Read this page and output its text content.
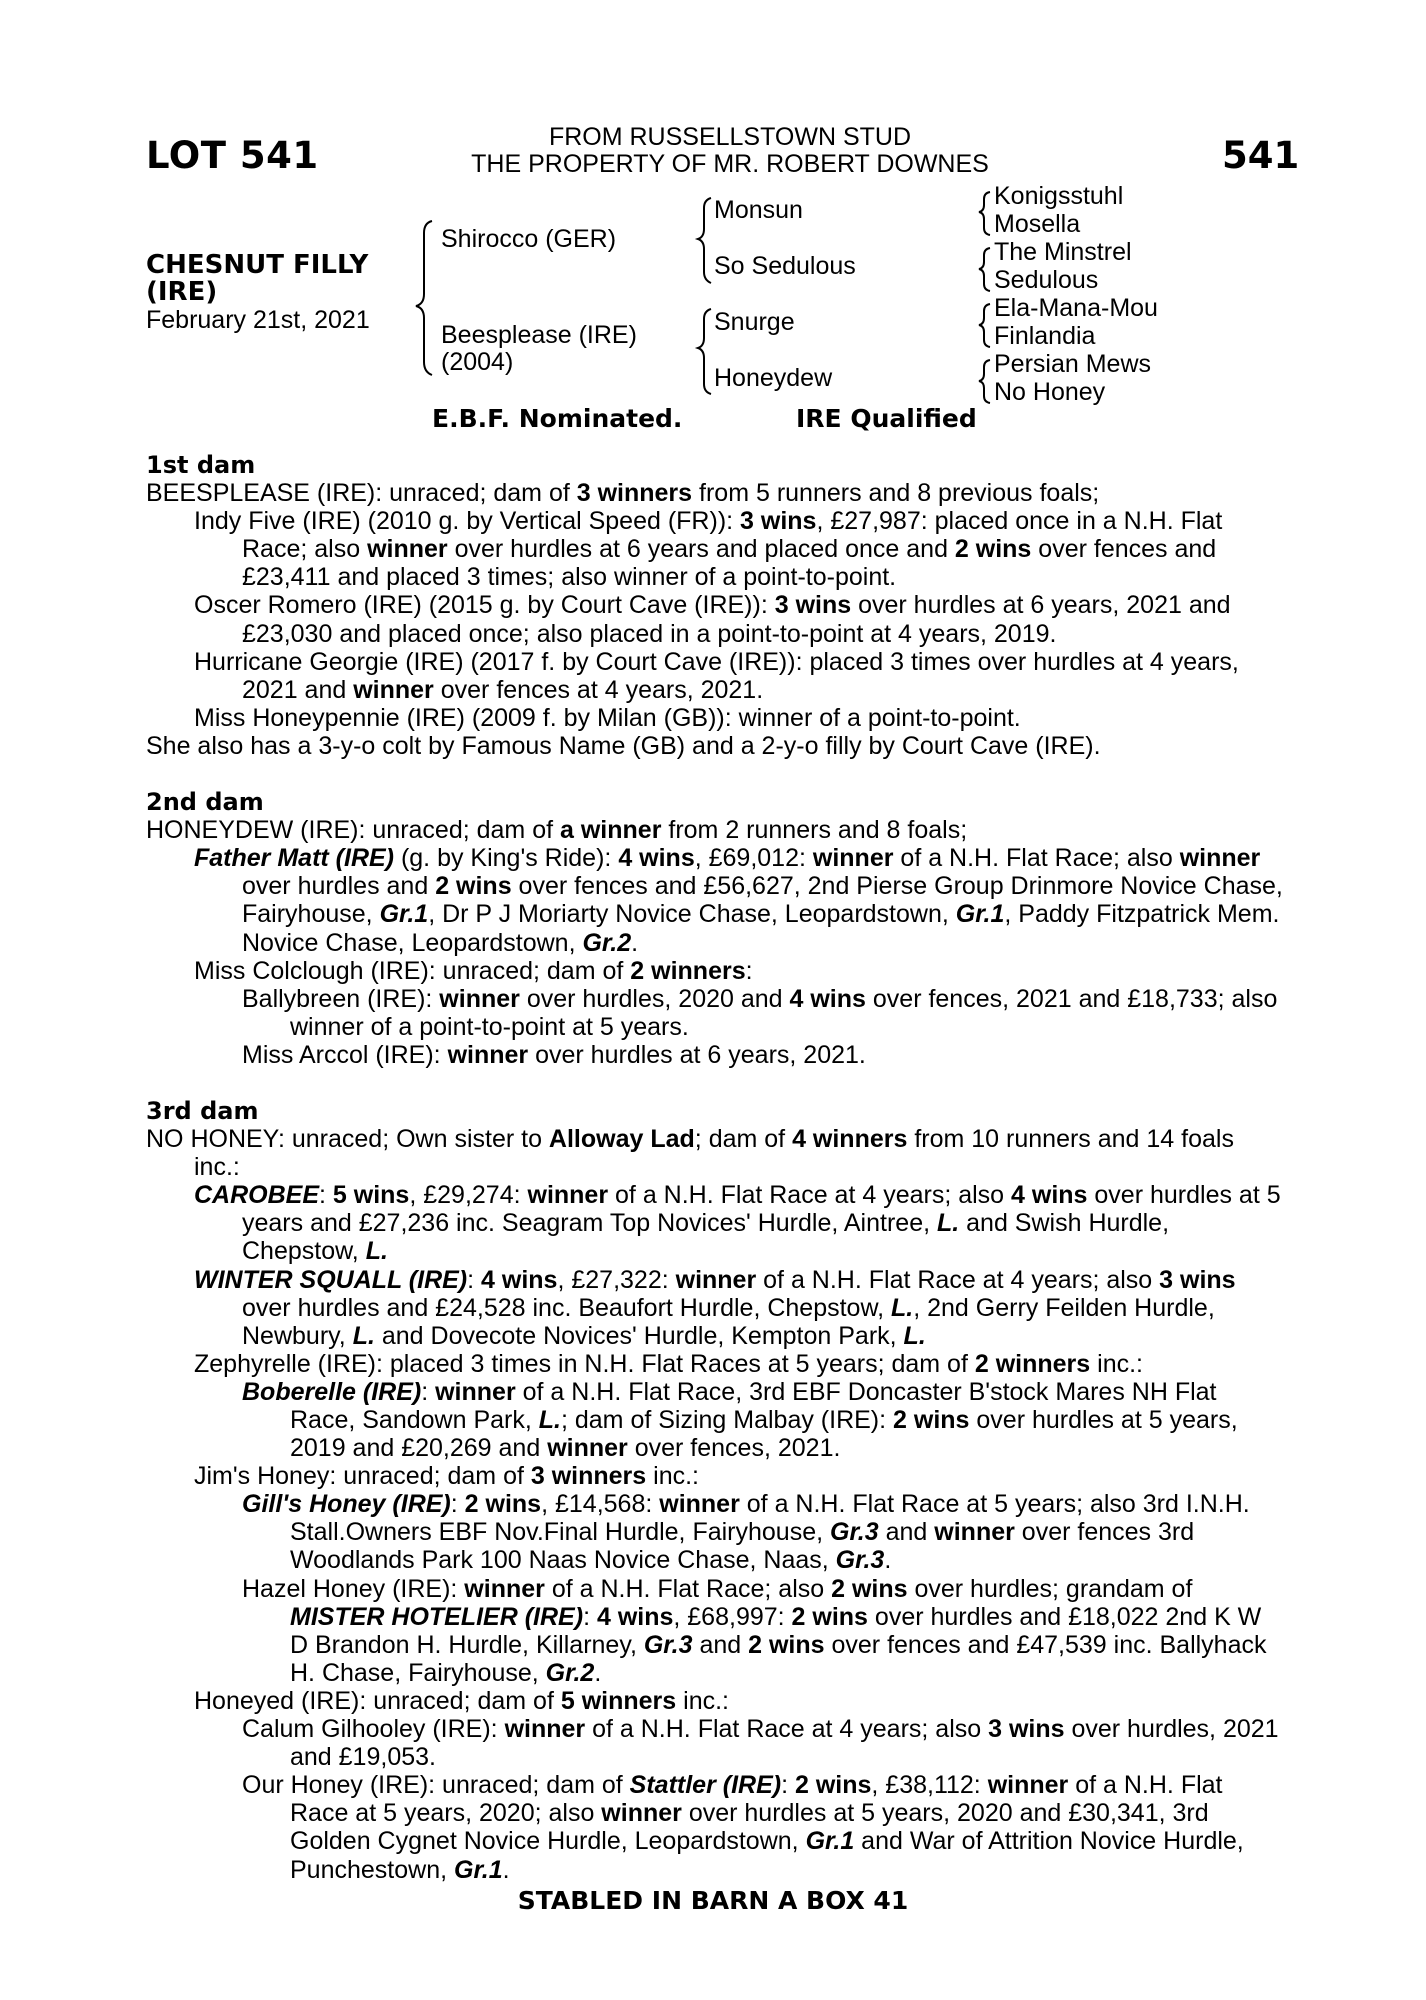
LOT 541	FROM RUSSELLSTOWN STUD
THE PROPERTY OF MR. ROBERT DOWNES	541
CHESNUT FILLY (IRE)
February 21st, 2021
Shirocco (GER)
Beesplease (IRE)
(2004)
Monsun
So Sedulous
Snurge
Honeydew
Konigsstuhl
Mosella
The Minstrel
Sedulous
Ela-Mana-Mou
Finlandia
Persian Mews
No Honey
E.B.F. Nominated.	IRE Qualified

1st dam

BEESPLEASE (IRE): unraced; dam of 3 winners from 5 runners and 8 previous foals;

Indy Five (IRE) (2010 g. by Vertical Speed (FR)): 3 wins, £27,987: placed once in a N.H. Flat Race; also winner over hurdles at 6 years and placed once and 2 wins over fences and £23,411 and placed 3 times; also winner of a point-to-point.

Oscer Romero (IRE) (2015 g. by Court Cave (IRE)): 3 wins over hurdles at 6 years, 2021 and £23,030 and placed once; also placed in a point-to-point at 4 years, 2019.

Hurricane Georgie (IRE) (2017 f. by Court Cave (IRE)): placed 3 times over hurdles at 4 years, 2021 and winner over fences at 4 years, 2021.

Miss Honeypennie (IRE) (2009 f. by Milan (GB)): winner of a point-to-point.

She also has a 3-y-o colt by Famous Name (GB) and a 2-y-o filly by Court Cave (IRE).

2nd dam

HONEYDEW (IRE): unraced; dam of a winner from 2 runners and 8 foals;

Father Matt (IRE) (g. by King's Ride): 4 wins, £69,012: winner of a N.H. Flat Race; also winner over hurdles and 2 wins over fences and £56,627, 2nd Pierse Group Drinmore Novice Chase, Fairyhouse, Gr.1, Dr P J Moriarty Novice Chase, Leopardstown, Gr.1, Paddy Fitzpatrick Mem. Novice Chase, Leopardstown, Gr.2.

Miss Colclough (IRE): unraced; dam of 2 winners:

Ballybreen (IRE): winner over hurdles, 2020 and 4 wins over fences, 2021 and £18,733; also winner of a point-to-point at 5 years.

Miss Arccol (IRE): winner over hurdles at 6 years, 2021.

3rd dam

NO HONEY: unraced; Own sister to Alloway Lad; dam of 4 winners from 10 runners and 14 foals inc.:

CAROBEE: 5 wins, £29,274: winner of a N.H. Flat Race at 4 years; also 4 wins over hurdles at 5 years and £27,236 inc. Seagram Top Novices' Hurdle, Aintree, L. and Swish Hurdle, Chepstow, L.

WINTER SQUALL (IRE): 4 wins, £27,322: winner of a N.H. Flat Race at 4 years; also 3 wins over hurdles and £24,528 inc. Beaufort Hurdle, Chepstow, L., 2nd Gerry Feilden Hurdle, Newbury, L. and Dovecote Novices' Hurdle, Kempton Park, L.

Zephyrelle (IRE): placed 3 times in N.H. Flat Races at 5 years; dam of 2 winners inc.:

Boberelle (IRE): winner of a N.H. Flat Race, 3rd EBF Doncaster B'stock Mares NH Flat Race, Sandown Park, L.; dam of Sizing Malbay (IRE): 2 wins over hurdles at 5 years, 2019 and £20,269 and winner over fences, 2021.

Jim's Honey: unraced; dam of 3 winners inc.:

Gill's Honey (IRE): 2 wins, £14,568: winner of a N.H. Flat Race at 5 years; also 3rd I.N.H. Stall.Owners EBF Nov.Final Hurdle, Fairyhouse, Gr.3 and winner over fences 3rd Woodlands Park 100 Naas Novice Chase, Naas, Gr.3.

Hazel Honey (IRE): winner of a N.H. Flat Race; also 2 wins over hurdles; grandam of MISTER HOTELIER (IRE): 4 wins, £68,997: 2 wins over hurdles and £18,022 2nd K W D Brandon H. Hurdle, Killarney, Gr.3 and 2 wins over fences and £47,539 inc. Ballyhack H. Chase, Fairyhouse, Gr.2.

Honeyed (IRE): unraced; dam of 5 winners inc.:

Calum Gilhooley (IRE): winner of a N.H. Flat Race at 4 years; also 3 wins over hurdles, 2021 and £19,053.

Our Honey (IRE): unraced; dam of Stattler (IRE): 2 wins, £38,112: winner of a N.H. Flat Race at 5 years, 2020; also winner over hurdles at 5 years, 2020 and £30,341, 3rd Golden Cygnet Novice Hurdle, Leopardstown, Gr.1 and War of Attrition Novice Hurdle, Punchestown, Gr.1.

STABLED IN BARN A BOX 41
